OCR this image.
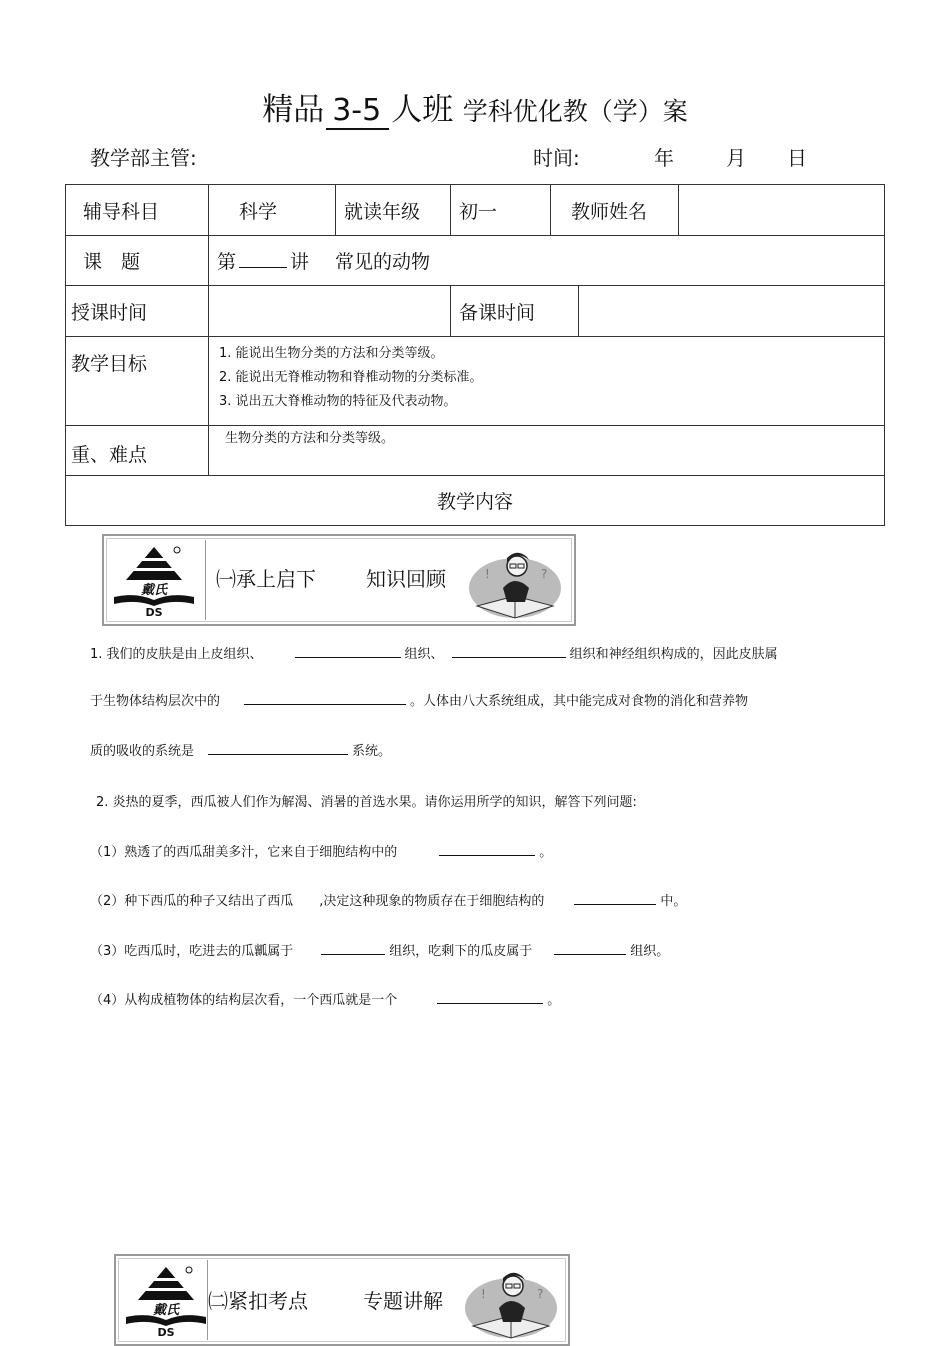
精品 3-5 人班 学科优化教（学）案
教学部主管:	时间:	年	月 日
辅导科目	科学	就读年级	初一	教师姓名		
课　题	第 讲 常见的动物					
授课时间			备课时间			
教学目标	1. 能说出生物分类的方法和分类等级。
2. 能说出无脊椎动物和脊椎动物的分类标准。
3. 说出五大脊椎动物的特征及代表动物。					

重、难点	生物分类的方法和分类等级。					
教学内容						
戴氏
DS
㈠承上启下	知识回顾	!	?
1. 我们的皮肤是由上皮组织、	组织、	组织和神经组织构成的，因此皮肤属
于生物体结构层次中的	。人体由八大系统组成，其中能完成对食物的消化和营养物
质的吸收的系统是	系统。
2. 炎热的夏季，西瓜被人们作为解渴、消暑的首选水果。请你运用所学的知识，解答下列问题:
（1）熟透了的西瓜甜美多汁，它来自于细胞结构中的	。
（2）种下西瓜的种子又结出了西瓜 ,决定这种现象的物质存在于细胞结构的	中。
（3）吃西瓜时，吃进去的瓜瓤属于	组织，吃剩下的瓜皮属于	组织。
（4）从构成植物体的结构层次看，一个西瓜就是一个	。
戴氏
DS
㈡紧扣考点	专题讲解	!	?
